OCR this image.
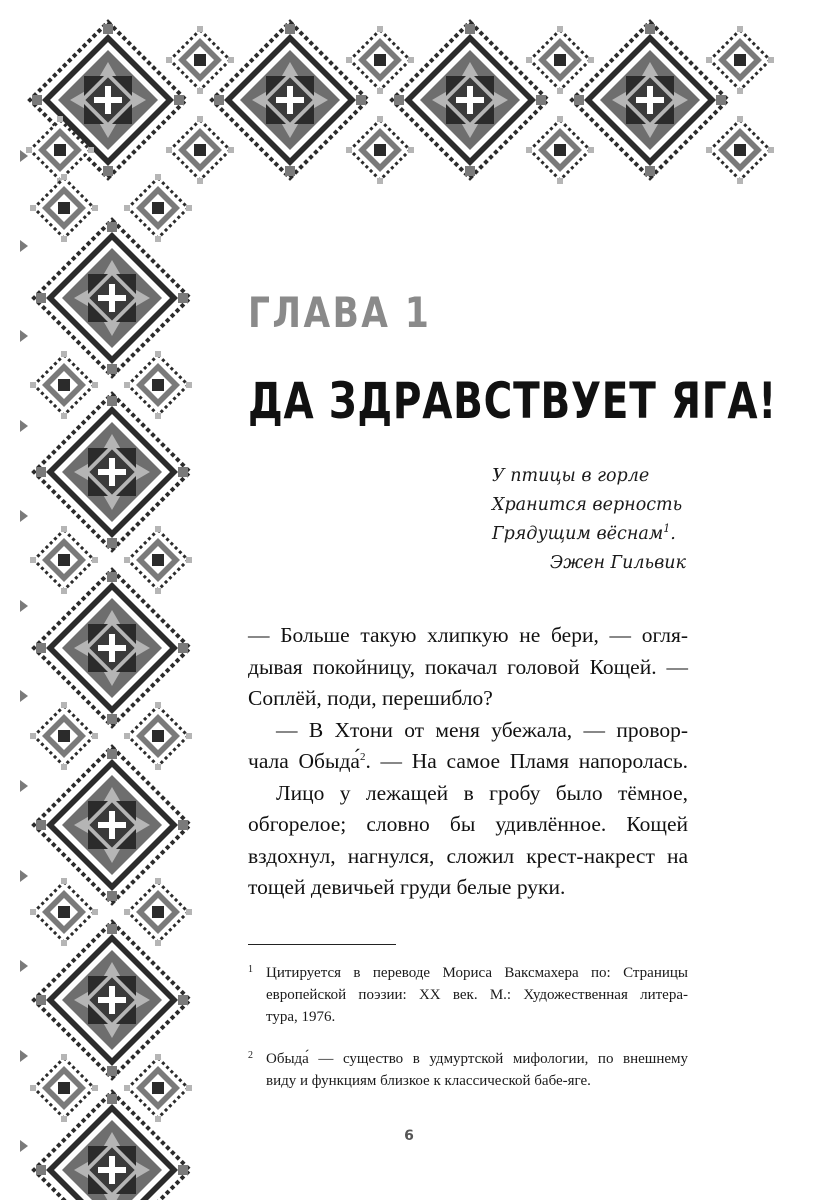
ГЛАВА 1
ДА ЗДРАВСТВУЕТ ЯГА!
У птицы в горле
Хранится верность
Грядущим вёснам$^1$.
Эжен Гильвик
— Больше такую хлипкую не бери, — огля-
дывая покойницу, покачал головой Кощей. —
Соплёй, поди, перешибло?
— В Хтони от меня убежала, — провор-
чала Обыда́$^2$. — На самое Пламя напоролась.
Лицо у лежащей в гробу было тёмное,
обгорелое; словно бы удивлённое. Кощей
вздохнул, нагнулся, сложил крест-накрест на
тощей девичьей груди белые руки.
1 Цитируется в переводе Мориса Ваксмахера по: Страницы
европейской поэзии: XX век. М.: Художественная литера-
тура, 1976.
2 Обыда́ — существо в удмуртской мифологии, по внешнему
виду и функциям близкое к классической бабе-яге.
6
